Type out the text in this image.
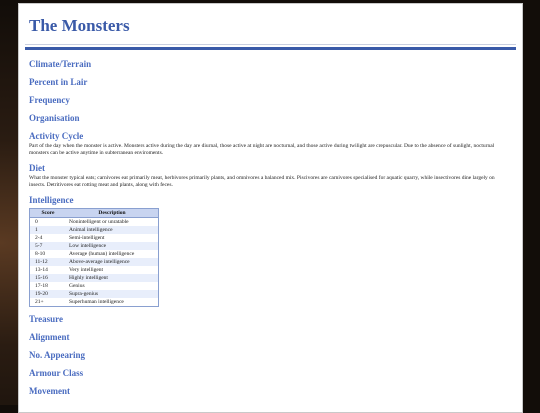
The Monsters
Climate/Terrain
Percent in Lair
Frequency
Organisation
Activity Cycle

Part of the day when the monster is active. Monsters active during the day are diurnal, those active at night are nocturnal, and those active during twilight are crepuscular. Due to the absence of sunlight, nocturnal monsters can be active anytime in subterranean enviroments.

Diet

What the monster typical eats; carnivores eat primarily meat, herbivores primarily plants, and omnivores a balanced mix. Piscivores are carnivores specialised for aquatic quarry, while insectivores dine largely on insects. Detritivores eat rotting meat and plants, along with feces.

Intelligence
Score	Description
0	Nonintelligent or unratable
1	Animal intelligence
2-4	Semi-intelligent
5-7	Low intelligence
8-10	Average (human) intelligence
11-12	Above-average intelligence
13-14	Very intelligent
15-16	Highly intelligent
17-18	Genius
19-20	Supra-genius
21+	Superhuman intelligence
Treasure
Alignment
No. Appearing
Armour Class
Movement
